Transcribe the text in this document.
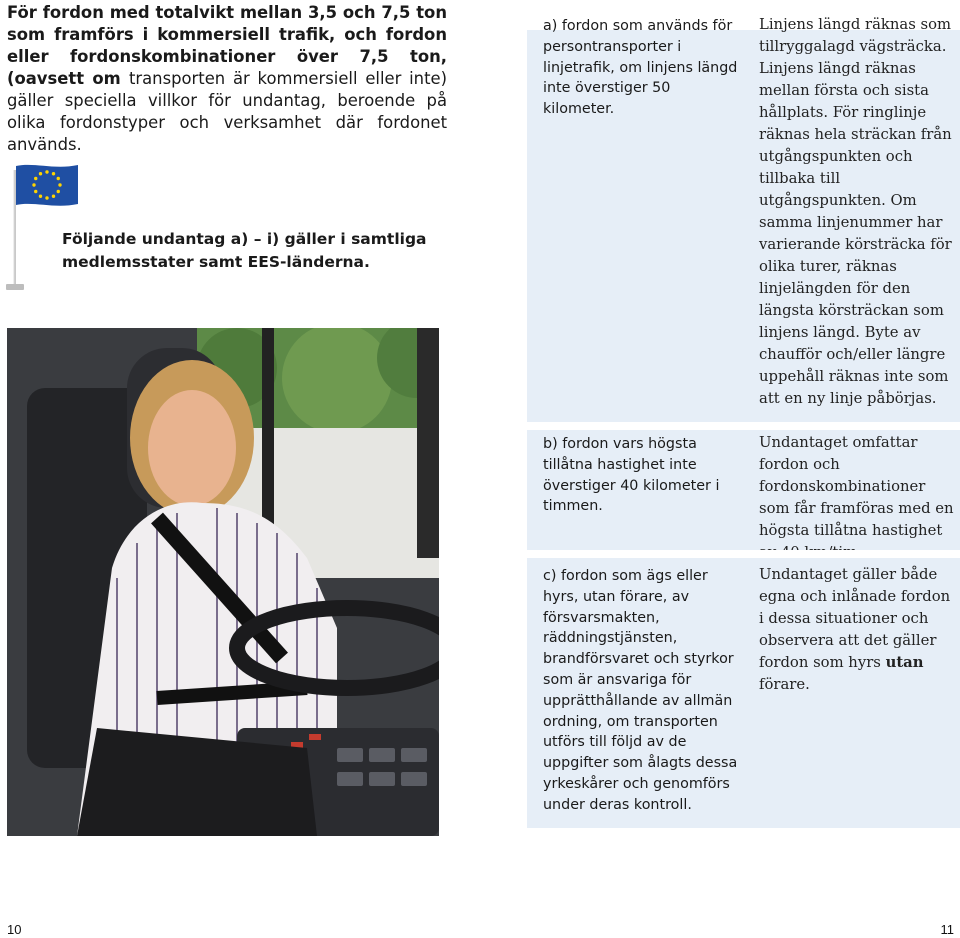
För fordon med totalvikt mellan 3,5 och 7,5 ton som framförs i kommersiell trafik, och fordon eller fordonskombinationer över 7,5 ton, (oavsett om transporten är kommersiell eller inte) gäller speciella villkor för undantag, beroende på olika fordonstyper och verksamhet där fordonet används.

Följande undantag a) – i) gäller i samtliga medlemsstater samt EES-länderna.

a) fordon som används för persontransporter i linjetrafik, om linjens längd inte överstiger 50 kilometer.
Linjens längd räknas som tillryggalagd vägsträcka. Linjens längd räknas mellan första och sista hållplats. För ringlinje räknas hela sträckan från utgångspunkten och tillbaka till utgångspunkten. Om samma linjenummer har varierande körsträcka för olika turer, räknas linjelängden för den längsta körsträckan som linjens längd. Byte av chaufför och/eller längre uppehåll räknas inte som att en ny linje påbörjas.
b) fordon vars högsta tillåtna hastighet inte överstiger 40 kilometer i timmen.
Undantaget omfattar fordon och fordonskombinationer som får framföras med en högsta tillåtna hastighet
c) fordon som ägs eller hyrs, utan förare, av försvarsmakten, räddningstjänsten, brandförsvaret och styrkor som är ansvariga för upprätthållande av allmän ordning, om transporten utförs till följd av de uppgifter som ålagts dessa yrkeskårer och genomförs under deras kontroll.
Undantaget gäller både egna och inlånade fordon i dessa situationer och observera att det gäller fordon som hyrs utan förare.
10	11
